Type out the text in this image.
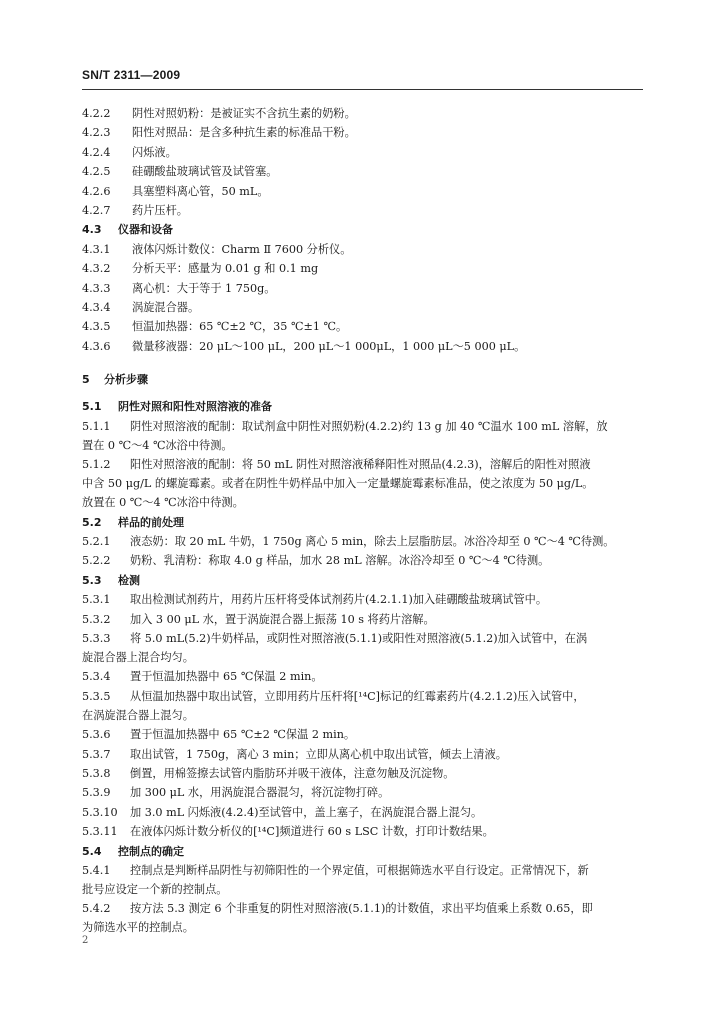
SN/T 2311—2009
4.2.2 阴性对照奶粉：是被证实不含抗生素的奶粉。
4.2.3 阳性对照品：是含多种抗生素的标准品干粉。
4.2.4 闪烁液。
4.2.5 硅硼酸盐玻璃试管及试管塞。
4.2.6 具塞塑料离心管，50 mL。
4.2.7 药片压杆。
4.3 仪器和设备
4.3.1 液体闪烁计数仪：Charm Ⅱ 7600 分析仪。
4.3.2 分析天平：感量为 0.01 g 和 0.1 mg
4.3.3 离心机：大于等于 1 750g。
4.3.4 涡旋混合器。
4.3.5 恒温加热器：65 ℃±2 ℃，35 ℃±1 ℃。
4.3.6 微量移液器：20 μL～100 μL，200 μL～1 000μL，1 000 μL～5 000 μL。
5 分析步骤
5.1 阴性对照和阳性对照溶液的准备
5.1.1 阴性对照溶液的配制：取试剂盒中阴性对照奶粉(4.2.2)约 13 g 加 40 ℃温水 100 mL 溶解，放
置在 0 ℃～4 ℃冰浴中待测。
5.1.2 阳性对照溶液的配制：将 50 mL 阴性对照溶液稀释阳性对照品(4.2.3)，溶解后的阳性对照液
中含 50 μg/L 的螺旋霉素。或者在阴性牛奶样品中加入一定量螺旋霉素标准品，使之浓度为 50 μg/L。
放置在 0 ℃～4 ℃冰浴中待测。
5.2 样品的前处理
5.2.1 液态奶：取 20 mL 牛奶，1 750g 离心 5 min，除去上层脂肪层。冰浴冷却至 0 ℃～4 ℃待测。
5.2.2 奶粉、乳清粉：称取 4.0 g 样品，加水 28 mL 溶解。冰浴冷却至 0 ℃～4 ℃待测。
5.3 检测
5.3.1 取出检测试剂药片，用药片压杆将受体试剂药片(4.2.1.1)加入硅硼酸盐玻璃试管中。
5.3.2 加入 3 00 μL 水，置于涡旋混合器上振荡 10 s 将药片溶解。
5.3.3 将 5.0 mL(5.2)牛奶样品，或阴性对照溶液(5.1.1)或阳性对照溶液(5.1.2)加入试管中，在涡
旋混合器上混合均匀。
5.3.4 置于恒温加热器中 65 ℃保温 2 min。
5.3.5 从恒温加热器中取出试管，立即用药片压杆将[¹⁴C]标记的红霉素药片(4.2.1.2)压入试管中，
在涡旋混合器上混匀。
5.3.6 置于恒温加热器中 65 ℃±2 ℃保温 2 min。
5.3.7 取出试管，1 750g，离心 3 min；立即从离心机中取出试管，倾去上清液。
5.3.8 倒置，用棉签擦去试管内脂肪环并吸干液体，注意勿触及沉淀物。
5.3.9 加 300 μL 水，用涡旋混合器混匀，将沉淀物打碎。
5.3.10 加 3.0 mL 闪烁液(4.2.4)至试管中，盖上塞子，在涡旋混合器上混匀。
5.3.11 在液体闪烁计数分析仪的[¹⁴C]频道进行 60 s LSC 计数，打印计数结果。
5.4 控制点的确定
5.4.1 控制点是判断样品阴性与初筛阳性的一个界定值，可根据筛选水平自行设定。正常情况下，新
批号应设定一个新的控制点。
5.4.2 按方法 5.3 测定 6 个非重复的阴性对照溶液(5.1.1)的计数值，求出平均值乘上系数 0.65，即
为筛选水平的控制点。
2
